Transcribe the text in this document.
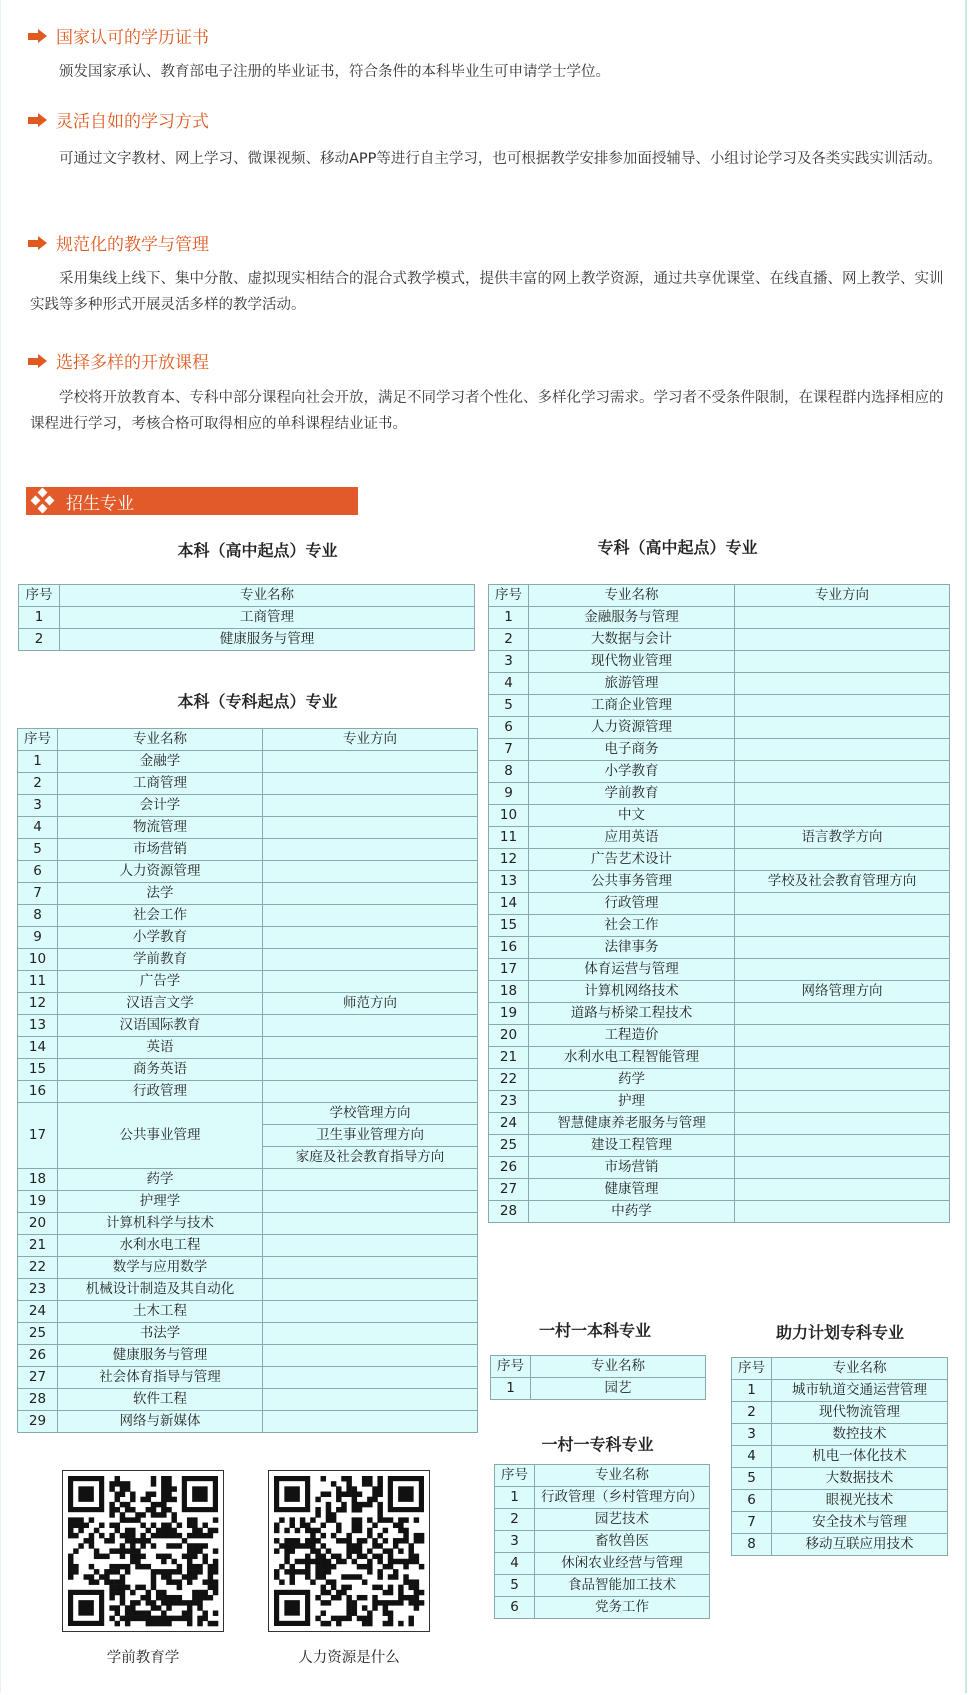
国家认可的学历证书
颁发国家承认、教育部电子注册的毕业证书，符合条件的本科毕业生可申请学士学位。
灵活自如的学习方式
可通过文字教材、网上学习、微课视频、移动APP等进行自主学习，也可根据教学安排参加面授辅导、小组讨论学习及各类实践实训活动。
规范化的教学与管理
采用集线上线下、集中分散、虚拟现实相结合的混合式教学模式，提供丰富的网上教学资源，通过共享优课堂、在线直播、网上教学、实训实践等多种形式开展灵活多样的教学活动。
选择多样的开放课程
学校将开放教育本、专科中部分课程向社会开放，满足不同学习者个性化、多样化学习需求。学习者不受条件限制，在课程群内选择相应的课程进行学习，考核合格可取得相应的单科课程结业证书。
招生专业
本科（高中起点）专业	专科（高中起点）专业
本科（专科起点）专业
一村一本科专业	助力计划专科专业
一村一专科专业
序号	专业名称
1	工商管理
2	健康服务与管理
序号	专业名称	专业方向
1	金融学	
2	工商管理	
3	会计学	
4	物流管理	
5	市场营销	
6	人力资源管理	
7	法学	
8	社会工作	
9	小学教育	
10	学前教育	
11	广告学	
12	汉语言文学	师范方向
13	汉语国际教育	
14	英语	
15	商务英语	
16	行政管理	
17	公共事业管理	学校管理方向
		卫生事业管理方向
		家庭及社会教育指导方向
18	药学	
19	护理学	
20	计算机科学与技术	
21	水利水电工程	
22	数学与应用数学	
23	机械设计制造及其自动化	
24	土木工程	
25	书法学	
26	健康服务与管理	
27	社会体育指导与管理	
28	软件工程	
29	网络与新媒体	
序号	专业名称	专业方向
1	金融服务与管理	
2	大数据与会计	
3	现代物业管理	
4	旅游管理	
5	工商企业管理	
6	人力资源管理	
7	电子商务	
8	小学教育	
9	学前教育	
10	中文	
11	应用英语	语言教学方向
12	广告艺术设计	
13	公共事务管理	学校及社会教育管理方向
14	行政管理	
15	社会工作	
16	法律事务	
17	体育运营与管理	
18	计算机网络技术	网络管理方向
19	道路与桥梁工程技术	
20	工程造价	
21	水利水电工程智能管理	
22	药学	
23	护理	
24	智慧健康养老服务与管理	
25	建设工程管理	
26	市场营销	
27	健康管理	
28	中药学	
序号	专业名称
1	园艺
序号	专业名称
1	行政管理（乡村管理方向）
2	园艺技术
3	畜牧兽医
4	休闲农业经营与管理
5	食品智能加工技术
6	党务工作
序号	专业名称
1	城市轨道交通运营管理
2	现代物流管理
3	数控技术
4	机电一体化技术
5	大数据技术
6	眼视光技术
7	安全技术与管理
8	移动互联应用技术
学前教育学	人力资源是什么
